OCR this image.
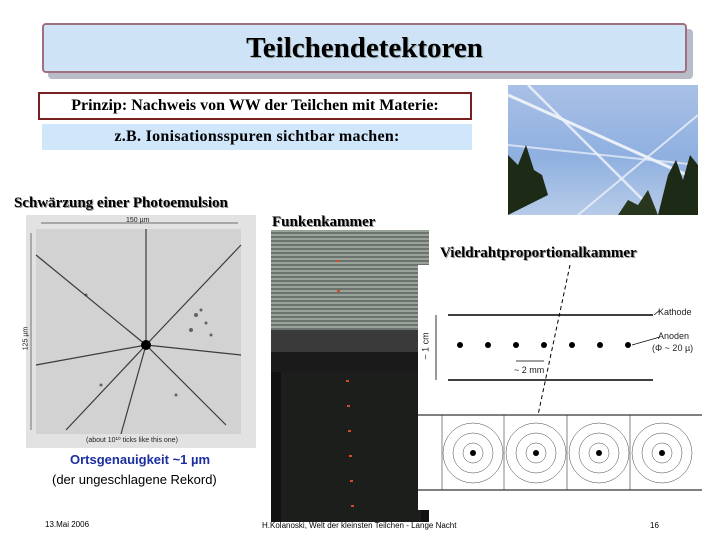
Teilchendetektoren
Prinzip: Nachweis von WW der Teilchen mit Materie:
z.B. Ionisationsspuren sichtbar machen:
Schwärzung einer Photoemulsion
Funkenkammer
Vieldrahtproportionalkammer
150 µm
125 µm
(about 10¹⁰ ticks like this one)
Kathode
Anoden
(Φ ~ 20 µ)
~ 1 cm
~ 2 mm
Ortsgenauigkeit ~1 µm
(der ungeschlagene Rekord)
13.Mai 2006	H.Kolanoski, Welt der kleinsten Teilchen - Lange Nacht	16
